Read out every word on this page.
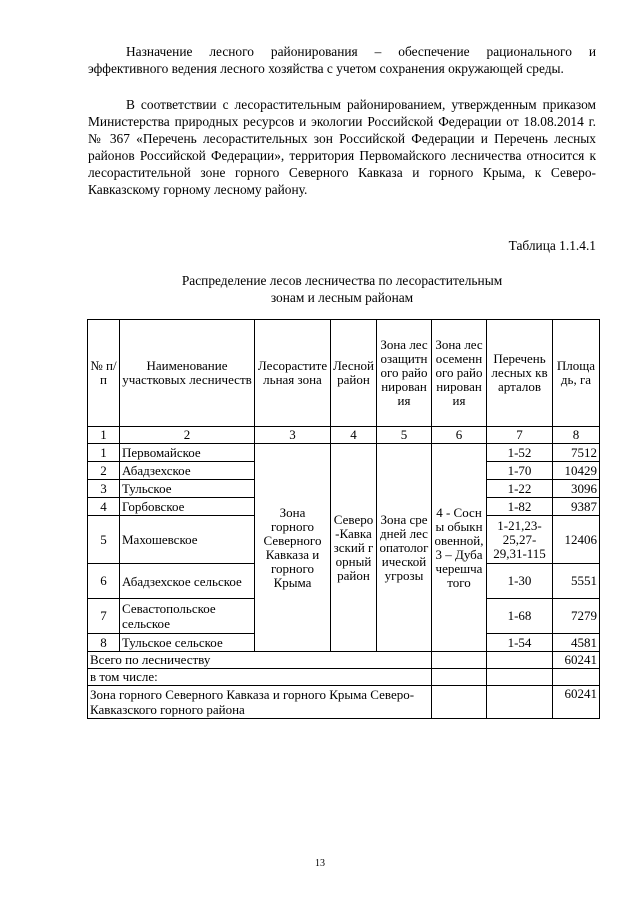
Назначение лесного районирования – обеспечение рационального и эффективного ведения лесного хозяйства с учетом сохранения окружающей среды.

В соответствии с лесорастительным районированием, утвержденным приказом Министерства природных ресурсов и экологии Российской Федерации от 18.08.2014 г. № 367 «Перечень лесорастительных зон Российской Федерации и Перечень лесных районов Российской Федерации», территория Первомайского лесничества относится к лесорастительной зоне горного Северного Кавказа и горного Крыма, к Северо-Кавказскому горному лесному району.

Таблица 1.1.4.1

Распределение лесов лесничества по лесорастительным
зонам и лесным районам
№ п/п	Наименование участковых лесничеств	Лесорастительная зона	Лесной район	Зона лесозащитного районирования	Зона лесосеменного районирования	Перечень лесных кварталов	Площадь, га
1	2	3	4	5	6	7	8
1	Первомайское	Зона горного Северного Кавказа и горного Крыма	Северо-Кавказский горный район	Зона средней лесопатологической угрозы	4 - Сосны обыкновенной, 3 – Дуба черешчатого	1-52	7512
2	Абадзехское					1-70	10429
3	Тульское					1-22	3096
4	Горбовское					1-82	9387
5	Махошевское					1-21,23-25,27-29,31-115	12406
6	Абадзехское сельское					1-30	5551
7	Севастопольское сельское					1-68	7279
8	Тульское сельское					1-54	4581
Всего по лесничеству							60241
в том числе:							
Зона горного Северного Кавказа и горного Крыма Северо-Кавказского горного района							60241

13
